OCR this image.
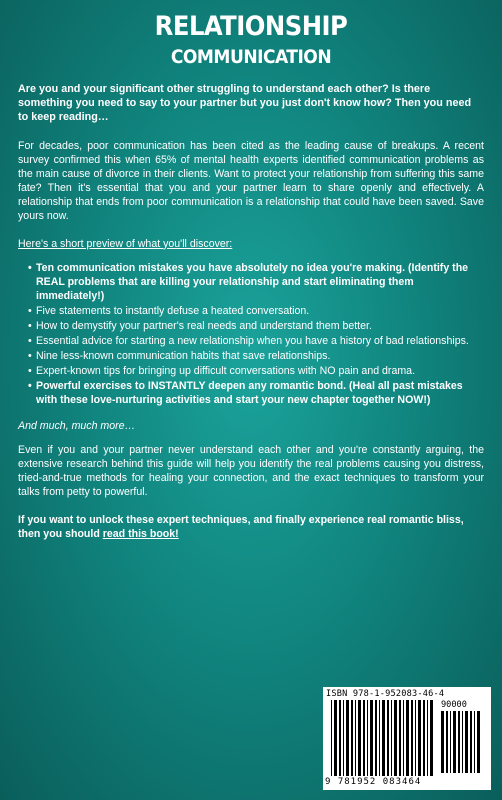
RELATIONSHIP
COMMUNICATION

Are you and your significant other struggling to understand each other? Is there something you need to say to your partner but you just don't know how? Then you need to keep reading…

For decades, poor communication has been cited as the leading cause of breakups. A recent survey confirmed this when 65% of mental health experts identified communication problems as the main cause of divorce in their clients. Want to protect your relationship from suffering this same fate? Then it's essential that you and your partner learn to share openly and effectively. A relationship that ends from poor communication is a relationship that could have been saved. Save yours now.

Here's a short preview of what you'll discover:

• Ten communication mistakes you have absolutely no idea you're making. (Identify the REAL problems that are killing your relationship and start eliminating them immediately!)
• Five statements to instantly defuse a heated conversation.
• How to demystify your partner's real needs and understand them better.
• Essential advice for starting a new relationship when you have a history of bad relationships.
• Nine less-known communication habits that save relationships.
• Expert-known tips for bringing up difficult conversations with NO pain and drama.
• Powerful exercises to INSTANTLY deepen any romantic bond. (Heal all past mistakes with these love-nurturing activities and start your new chapter together NOW!)

And much, much more…

Even if you and your partner never understand each other and you're constantly arguing, the extensive research behind this guide will help you identify the real problems causing you distress, tried-and-true methods for healing your connection, and the exact techniques to transform your talks from petty to powerful.

If you want to unlock these expert techniques, and finally experience real romantic bliss, then you should read this book!

ISBN 978-1-952083-46-4
90000
9 781952 083464
